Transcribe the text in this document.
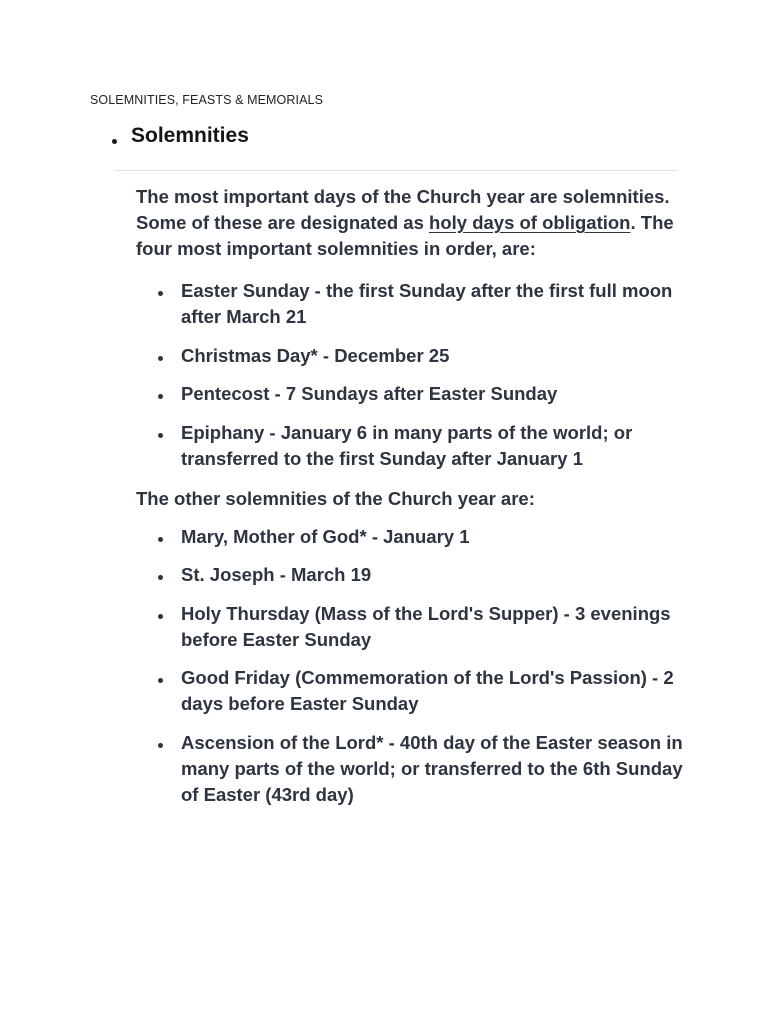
SOLEMNITIES, FEASTS & MEMORIALS
Solemnities

The most important days of the Church year are solemnities. Some of these are designated as holy days of obligation. The four most important solemnities in order, are:

Easter Sunday - the first Sunday after the first full moon after March 21
Christmas Day* - December 25
Pentecost - 7 Sundays after Easter Sunday
Epiphany - January 6 in many parts of the world; or transferred to the first Sunday after January 1

The other solemnities of the Church year are:

Mary, Mother of God* - January 1
St. Joseph - March 19
Holy Thursday (Mass of the Lord's Supper) - 3 evenings before Easter Sunday
Good Friday (Commemoration of the Lord's Passion) - 2 days before Easter Sunday
Ascension of the Lord* - 40th day of the Easter season in many parts of the world; or transferred to the 6th Sunday of Easter (43rd day)
